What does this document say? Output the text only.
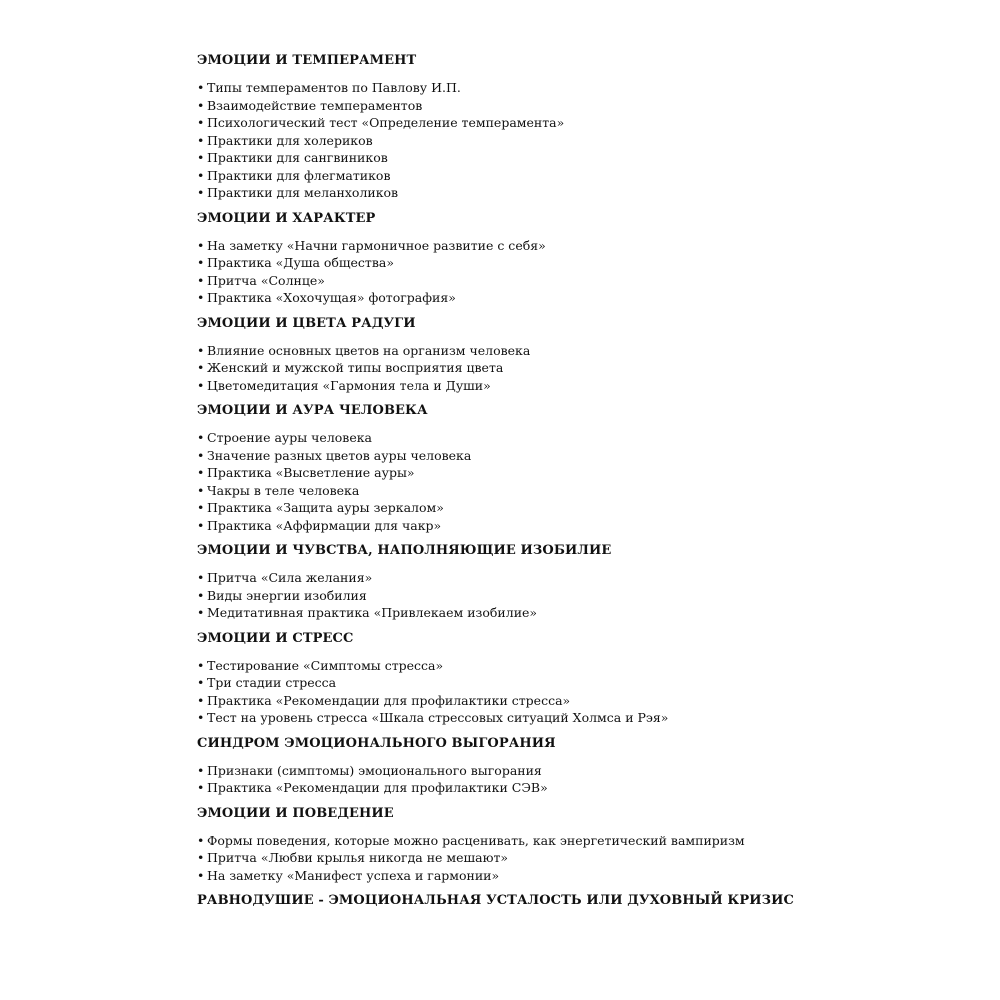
ЭМОЦИИ И ТЕМПЕРАМЕНТ
• Типы темпераментов по Павлову И.П.
• Взаимодействие темпераментов
• Психологический тест «Определение темперамента»
• Практики для холериков
• Практики для сангвиников
• Практики для флегматиков
• Практики для меланхоликов
ЭМОЦИИ И ХАРАКТЕР
• На заметку «Начни гармоничное развитие с себя»
• Практика «Душа общества»
• Притча «Солнце»
• Практика «Хохочущая» фотография»
ЭМОЦИИ И ЦВЕТА РАДУГИ
• Влияние основных цветов на организм человека
• Женский и мужской типы восприятия цвета
• Цветомедитация «Гармония тела и Души»
ЭМОЦИИ И АУРА ЧЕЛОВЕКА
• Строение ауры человека
• Значение разных цветов ауры человека
• Практика «Высветление ауры»
• Чакры в теле человека
• Практика «Защита ауры зеркалом»
• Практика «Аффирмации для чакр»
ЭМОЦИИ И ЧУВСТВА, НАПОЛНЯЮЩИЕ ИЗОБИЛИЕ
• Притча «Сила желания»
• Виды энергии изобилия
• Медитативная практика «Привлекаем изобилие»
ЭМОЦИИ И СТРЕСС
• Тестирование «Симптомы стресса»
• Три стадии стресса
• Практика «Рекомендации для профилактики стресса»
• Тест на уровень стресса «Шкала стрессовых ситуаций Холмса и Рэя»
СИНДРОМ ЭМОЦИОНАЛЬНОГО ВЫГОРАНИЯ
• Признаки (симптомы) эмоционального выгорания
• Практика «Рекомендации для профилактики СЭВ»
ЭМОЦИИ И ПОВЕДЕНИЕ
• Формы поведения, которые можно расценивать, как энергетический вампиризм
• Притча «Любви крылья никогда не мешают»
• На заметку «Манифест успеха и гармонии»
РАВНОДУШИЕ - ЭМОЦИОНАЛЬНАЯ УСТАЛОСТЬ ИЛИ ДУХОВНЫЙ КРИЗИС
